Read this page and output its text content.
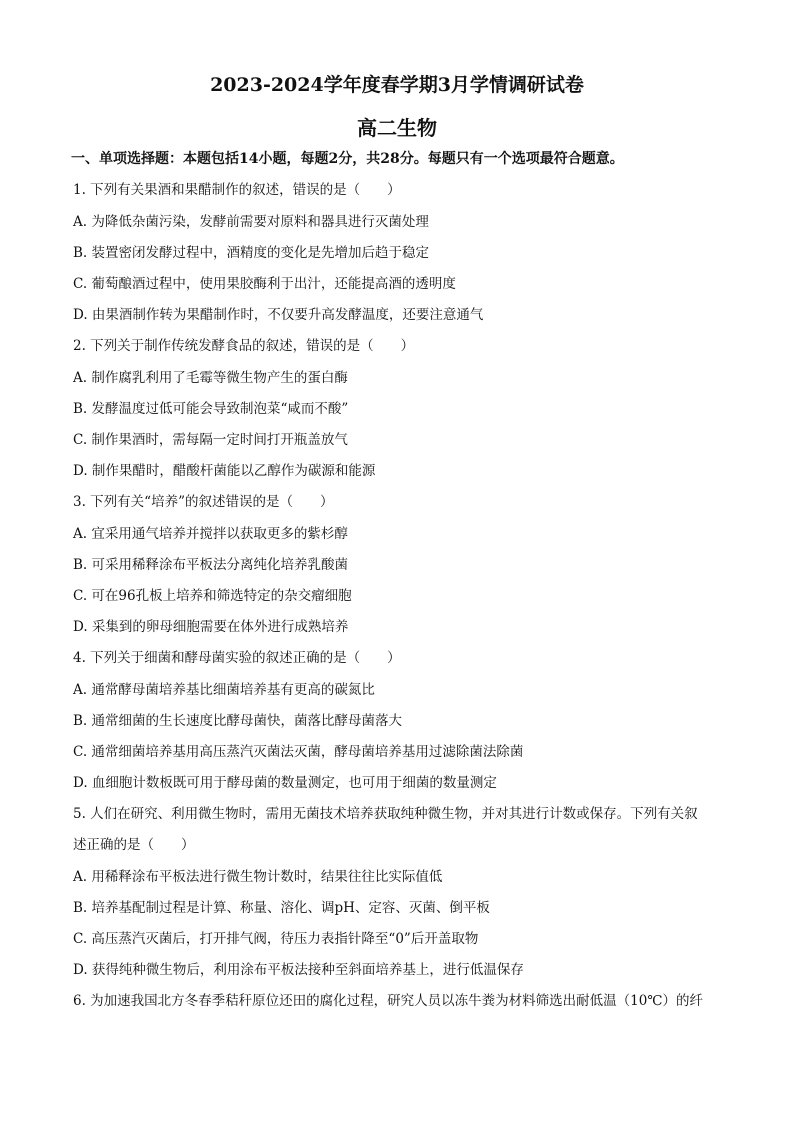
2023-2024学年度春学期3月学情调研试卷
高二生物
一、单项选择题：本题包括14小题，每题2分，共28分。每题只有一个选项最符合题意。
1. 下列有关果酒和果醋制作的叙述，错误的是（　　）
A. 为降低杂菌污染，发酵前需要对原料和器具进行灭菌处理
B. 装置密闭发酵过程中，酒精度的变化是先增加后趋于稳定
C. 葡萄酿酒过程中，使用果胶酶利于出汁，还能提高酒的透明度
D. 由果酒制作转为果醋制作时，不仅要升高发酵温度，还要注意通气
2. 下列关于制作传统发酵食品的叙述，错误的是（　　）
A. 制作腐乳利用了毛霉等微生物产生的蛋白酶
B. 发酵温度过低可能会导致制泡菜“咸而不酸”
C. 制作果酒时，需每隔一定时间打开瓶盖放气
D. 制作果醋时，醋酸杆菌能以乙醇作为碳源和能源
3. 下列有关“培养”的叙述错误的是（　　）
A. 宜采用通气培养并搅拌以获取更多的紫杉醇
B. 可采用稀释涂布平板法分离纯化培养乳酸菌
C. 可在96孔板上培养和筛选特定的杂交瘤细胞
D. 采集到的卵母细胞需要在体外进行成熟培养
4. 下列关于细菌和酵母菌实验的叙述正确的是（　　）
A. 通常酵母菌培养基比细菌培养基有更高的碳氮比
B. 通常细菌的生长速度比酵母菌快，菌落比酵母菌落大
C. 通常细菌培养基用高压蒸汽灭菌法灭菌，酵母菌培养基用过滤除菌法除菌
D. 血细胞计数板既可用于酵母菌的数量测定，也可用于细菌的数量测定
5. 人们在研究、利用微生物时，需用无菌技术培养获取纯种微生物，并对其进行计数或保存。下列有关叙
述正确的是（　　）
A. 用稀释涂布平板法进行微生物计数时，结果往往比实际值低
B. 培养基配制过程是计算、称量、溶化、调pH、定容、灭菌、倒平板
C. 高压蒸汽灭菌后，打开排气阀，待压力表指针降至“0”后开盖取物
D. 获得纯种微生物后，利用涂布平板法接种至斜面培养基上，进行低温保存
6. 为加速我国北方冬春季秸秆原位还田的腐化过程，研究人员以冻牛粪为材料筛选出耐低温（10℃）的纤
